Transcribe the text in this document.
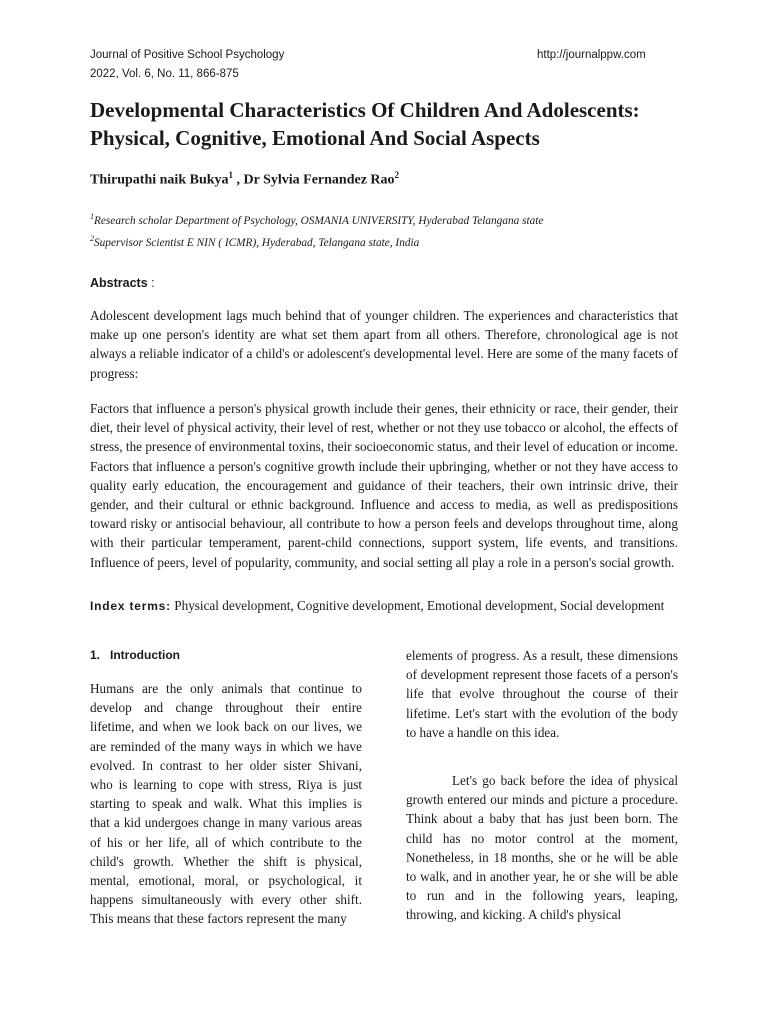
Journal of Positive School Psychology
2022, Vol. 6, No. 11, 866-875
http://journalppw.com
Developmental Characteristics Of Children And Adolescents: Physical, Cognitive, Emotional And Social Aspects
Thirupathi naik Bukya$^1$ , Dr Sylvia Fernandez Rao$^2$
$^1$Research scholar Department of Psychology, OSMANIA UNIVERSITY, Hyderabad Telangana state
$^2$Supervisor Scientist E NIN ( ICMR), Hyderabad, Telangana state, India
Abstracts :

Adolescent development lags much behind that of younger children. The experiences and characteristics that make up one person's identity are what set them apart from all others. Therefore, chronological age is not always a reliable indicator of a child's or adolescent's developmental level. Here are some of the many facets of progress:

Factors that influence a person's physical growth include their genes, their ethnicity or race, their gender, their diet, their level of physical activity, their level of rest, whether or not they use tobacco or alcohol, the effects of stress, the presence of environmental toxins, their socioeconomic status, and their level of education or income. Factors that influence a person's cognitive growth include their upbringing, whether or not they have access to quality early education, the encouragement and guidance of their teachers, their own intrinsic drive, their gender, and their cultural or ethnic background. Influence and access to media, as well as predispositions toward risky or antisocial behaviour, all contribute to how a person feels and develops throughout time, along with their particular temperament, parent-child connections, support system, life events, and transitions. Influence of peers, level of popularity, community, and social setting all play a role in a person's social growth.

Index terms: Physical development, Cognitive development, Emotional development, Social development

1.   Introduction

Humans are the only animals that continue to develop and change throughout their entire lifetime, and when we look back on our lives, we are reminded of the many ways in which we have evolved. In contrast to her older sister Shivani, who is learning to cope with stress, Riya is just starting to speak and walk. What this implies is that a kid undergoes change in many various areas of his or her life, all of which contribute to the child's growth. Whether the shift is physical, mental, emotional, moral, or psychological, it happens simultaneously with every other shift. This means that these factors represent the many

elements of progress. As a result, these dimensions of development represent those facets of a person's life that evolve throughout the course of their lifetime. Let's start with the evolution of the body to have a handle on this idea.

Let's go back before the idea of physical growth entered our minds and picture a procedure. Think about a baby that has just been born. The child has no motor control at the moment, Nonetheless, in 18 months, she or he will be able to walk, and in another year, he or she will be able to run and in the following years, leaping, throwing, and kicking. A child's physical
